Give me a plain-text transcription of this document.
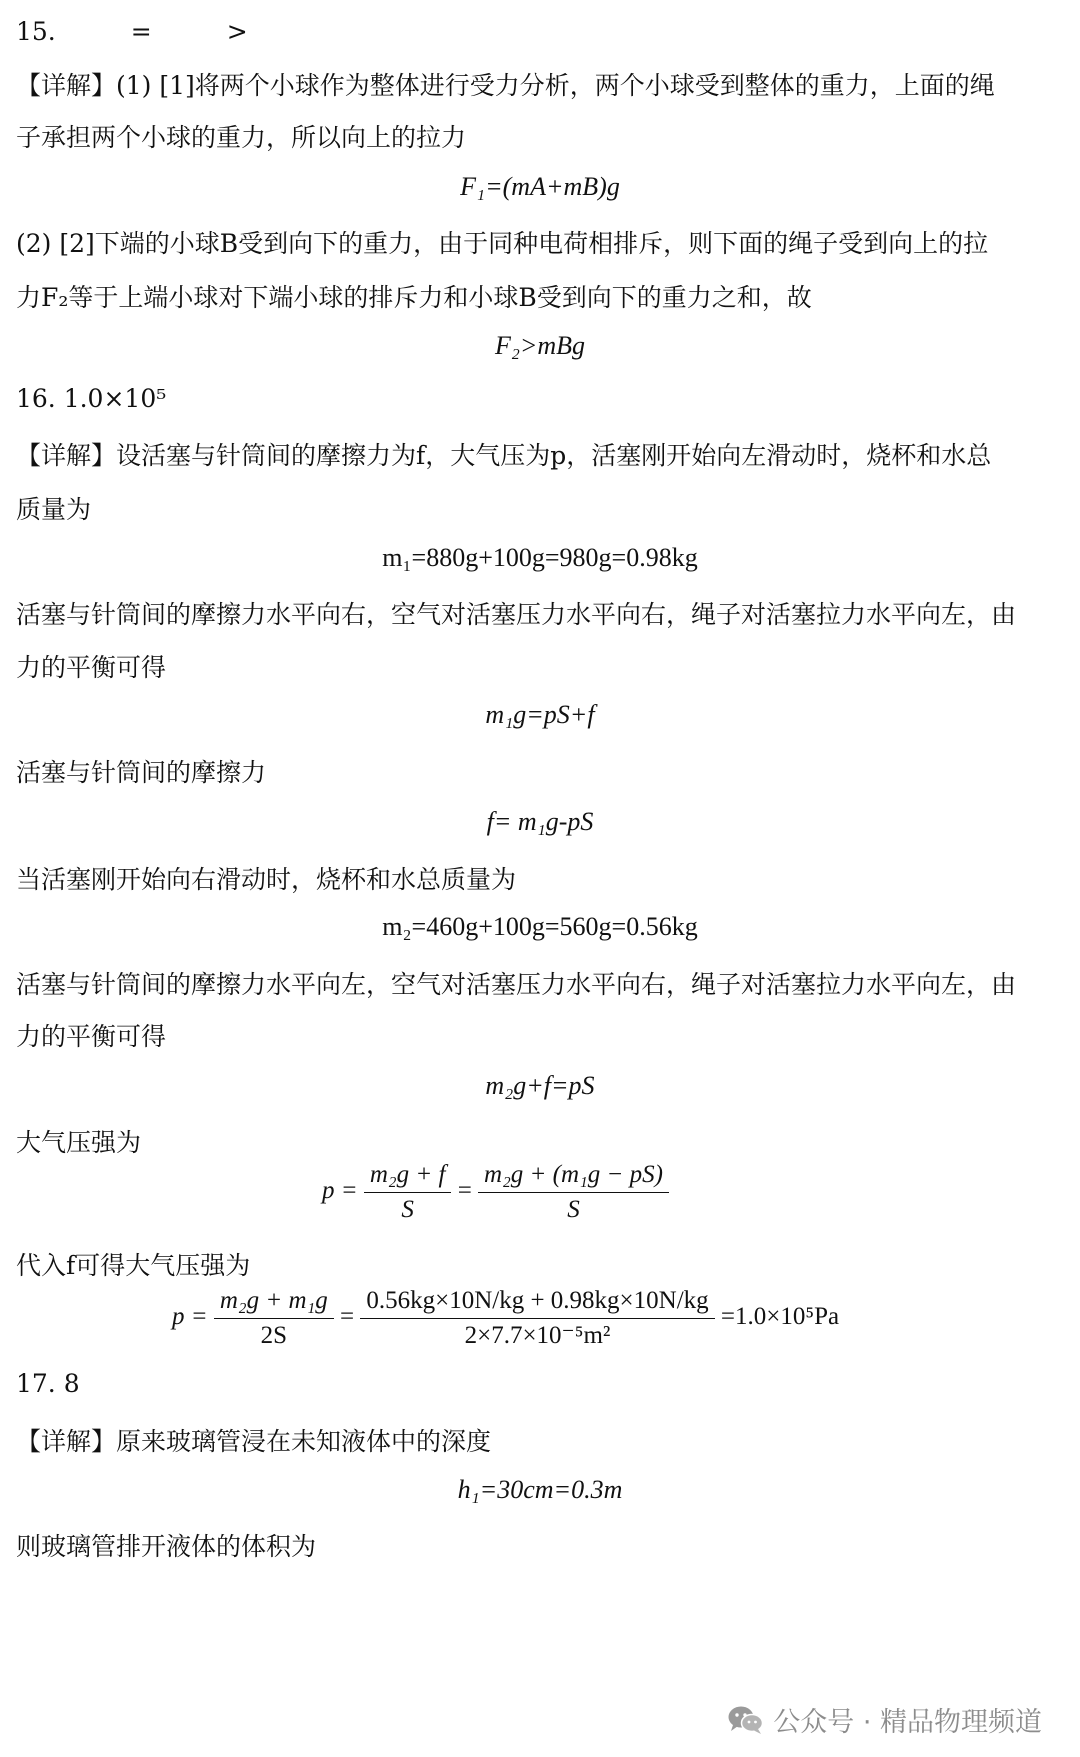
15.　　　=　　　>
【详解】(1) [1]将两个小球作为整体进行受力分析，两个小球受到整体的重力，上面的绳
子承担两个小球的重力，所以向上的拉力
F₁=(mA+mB)g
(2) [2]下端的小球B受到向下的重力，由于同种电荷相排斥，则下面的绳子受到向上的拉
力F₂等于上端小球对下端小球的排斥力和小球B受到向下的重力之和，故
F₂>mBg
16. 1.0×10⁵
【详解】设活塞与针筒间的摩擦力为f，大气压为p，活塞刚开始向左滑动时，烧杯和水总
质量为
m₁=880g+100g=980g=0.98kg
活塞与针筒间的摩擦力水平向右，空气对活塞压力水平向右，绳子对活塞拉力水平向左，由
力的平衡可得
m₁g=pS+f
活塞与针筒间的摩擦力
f= m₁g-pS
当活塞刚开始向右滑动时，烧杯和水总质量为
m₂=460g+100g=560g=0.56kg
活塞与针筒间的摩擦力水平向左，空气对活塞压力水平向右，绳子对活塞拉力水平向左，由
力的平衡可得
m₂g+f=pS
大气压强为
$p = \frac{\text{m₂g + f}}{S} = \frac{\text{m₂g + (m₁g − pS)}}{S}$
代入f可得大气压强为
$p = \frac{\text{m₂g + m₁g}}{2S} = \frac{0.56kg\times 10N/kg + 0.98kg\times 10N/kg}{\text{2×7.7×10⁻⁵m²}} =1.0\times 10^5Pa$
17. 8
【详解】原来玻璃管浸在未知液体中的深度
h₁=30cm=0.3m
则玻璃管排开液体的体积为
公众号 · 精品物理频道
